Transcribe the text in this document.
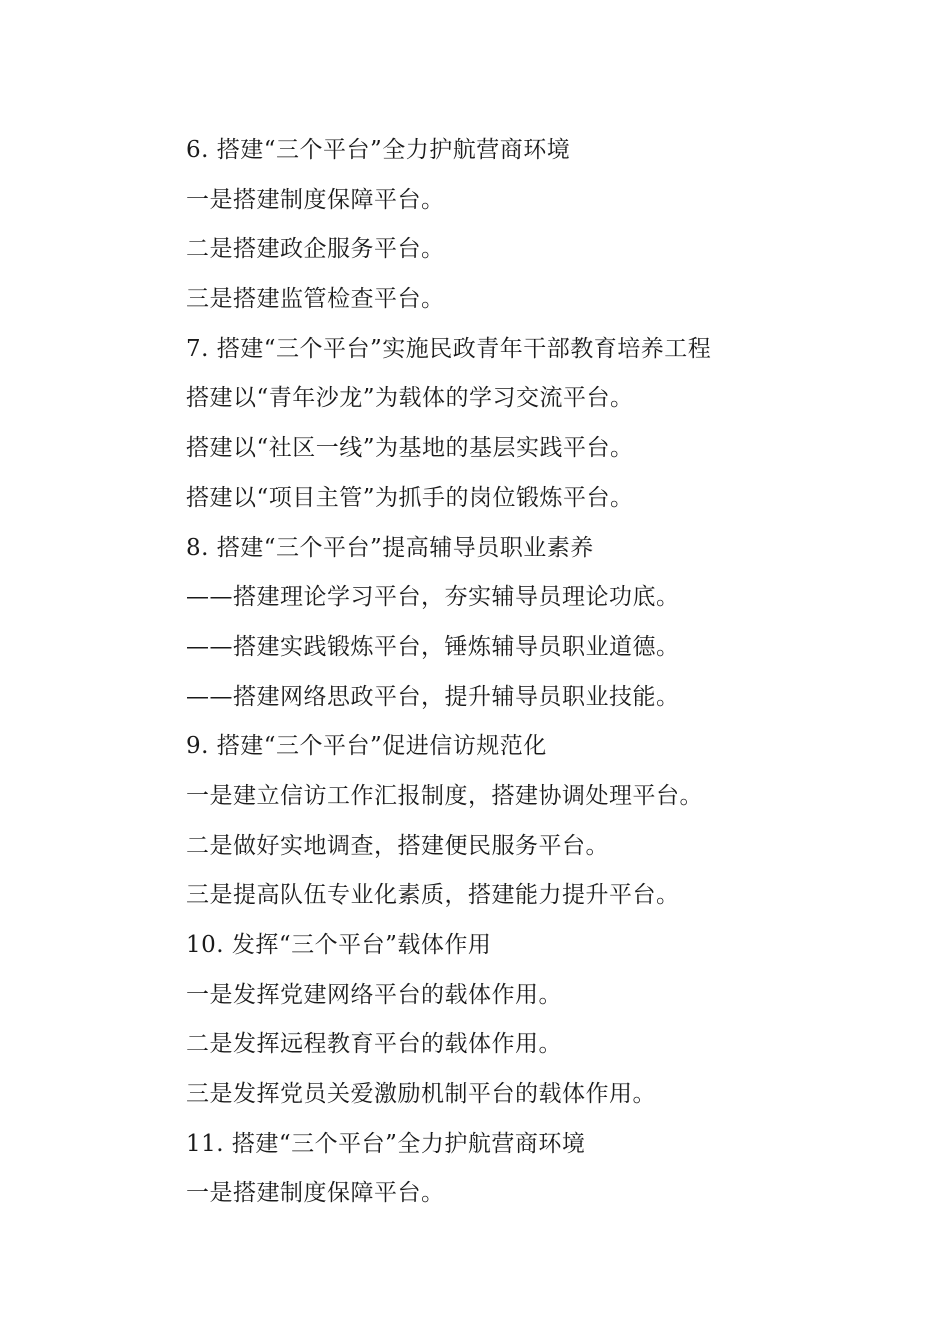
6. 搭建“三个平台”全力护航营商环境
一是搭建制度保障平台。
二是搭建政企服务平台。
三是搭建监管检查平台。
7. 搭建“三个平台”实施民政青年干部教育培养工程
搭建以“青年沙龙”为载体的学习交流平台。
搭建以“社区一线”为基地的基层实践平台。
搭建以“项目主管”为抓手的岗位锻炼平台。
8. 搭建“三个平台”提高辅导员职业素养
——搭建理论学习平台，夯实辅导员理论功底。
——搭建实践锻炼平台，锤炼辅导员职业道德。
——搭建网络思政平台，提升辅导员职业技能。
9. 搭建“三个平台”促进信访规范化
一是建立信访工作汇报制度，搭建协调处理平台。
二是做好实地调查，搭建便民服务平台。
三是提高队伍专业化素质，搭建能力提升平台。
10. 发挥“三个平台”载体作用
一是发挥党建网络平台的载体作用。
二是发挥远程教育平台的载体作用。
三是发挥党员关爱激励机制平台的载体作用。
11. 搭建“三个平台”全力护航营商环境
一是搭建制度保障平台。
